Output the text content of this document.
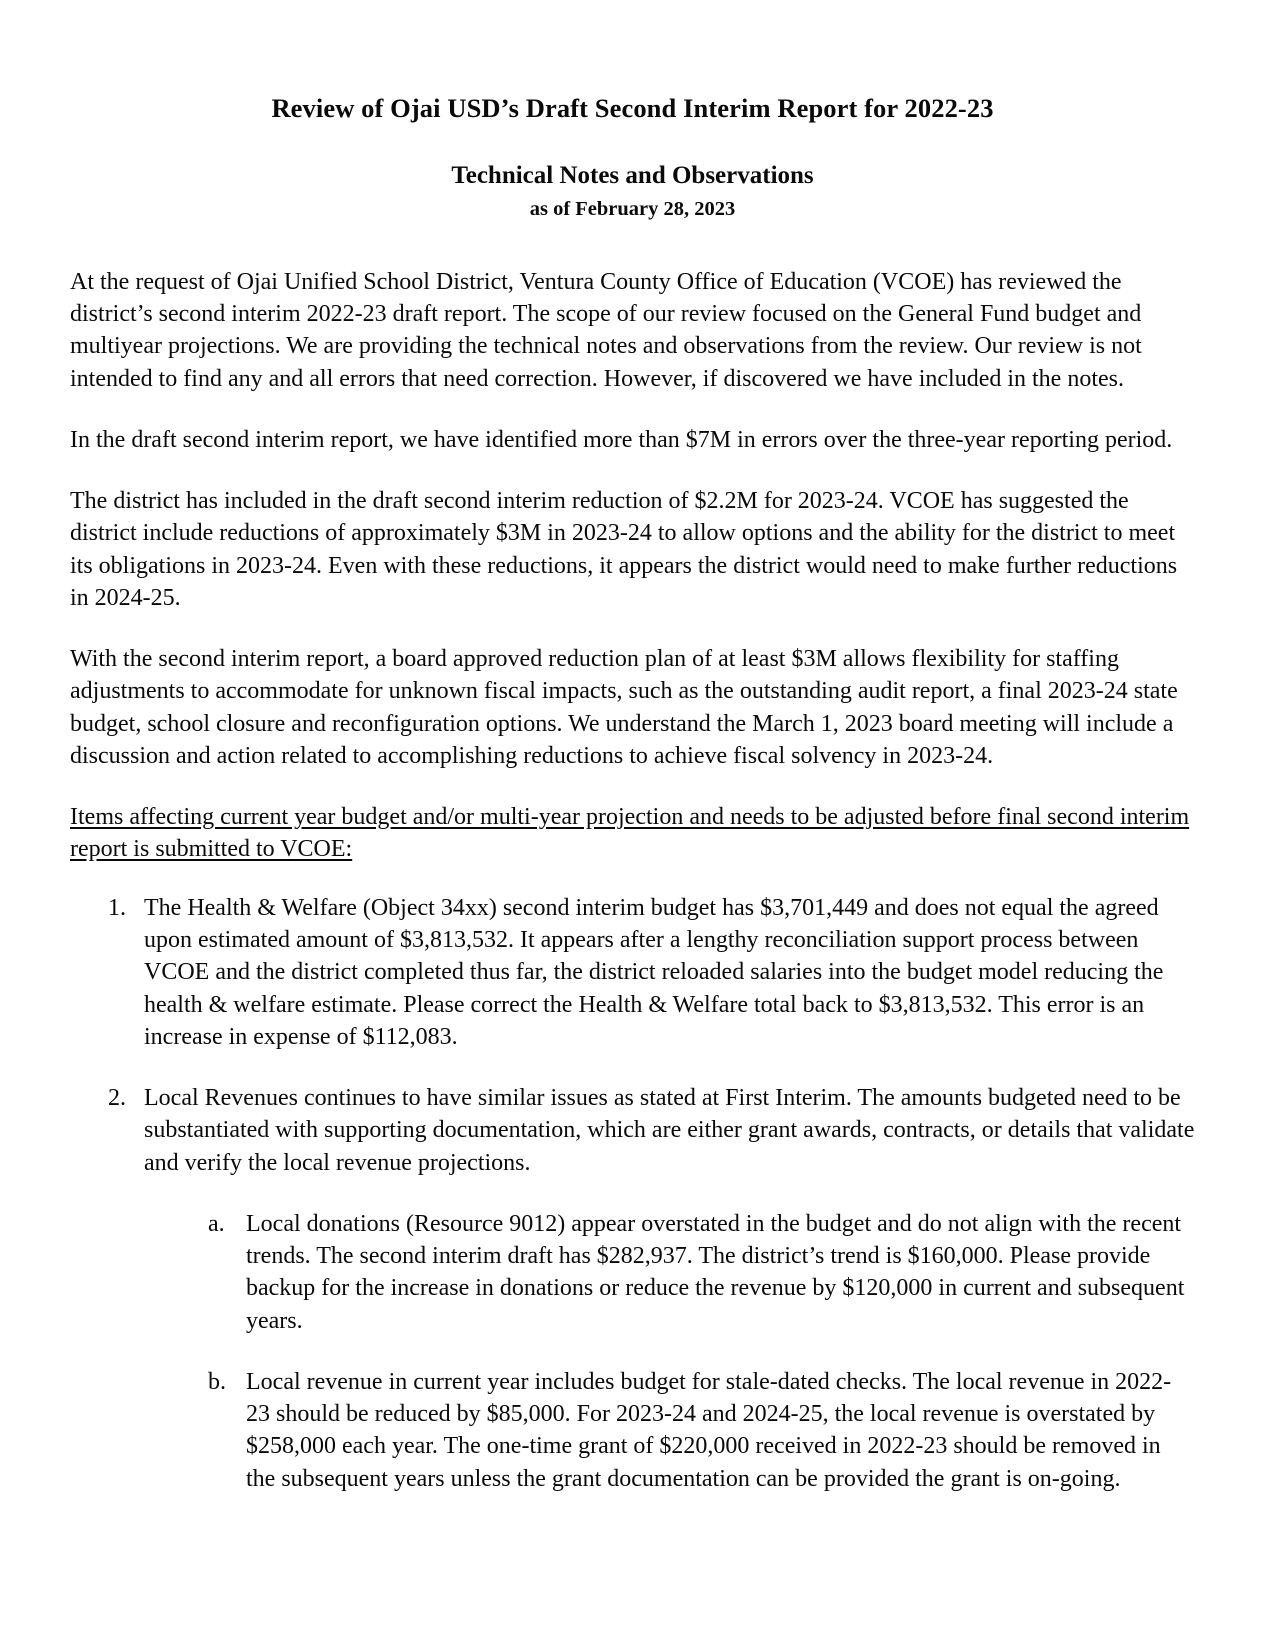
Review of Ojai USD’s Draft Second Interim Report for 2022-23
Technical Notes and Observations
as of February 28, 2023

At the request of Ojai Unified School District, Ventura County Office of Education (VCOE) has reviewed the district’s second interim 2022-23 draft report. The scope of our review focused on the General Fund budget and multiyear projections. We are providing the technical notes and observations from the review. Our review is not intended to find any and all errors that need correction. However, if discovered we have included in the notes.

In the draft second interim report, we have identified more than $7M in errors over the three-year reporting period.

The district has included in the draft second interim reduction of $2.2M for 2023-24. VCOE has suggested the district include reductions of approximately $3M in 2023-24 to allow options and the ability for the district to meet its obligations in 2023-24. Even with these reductions, it appears the district would need to make further reductions in 2024-25.

With the second interim report, a board approved reduction plan of at least $3M allows flexibility for staffing adjustments to accommodate for unknown fiscal impacts, such as the outstanding audit report, a final 2023-24 state budget, school closure and reconfiguration options. We understand the March 1, 2023 board meeting will include a discussion and action related to accomplishing reductions to achieve fiscal solvency in 2023-24.

Items affecting current year budget and/or multi-year projection and needs to be adjusted before final second interim report is submitted to VCOE:

1. The Health & Welfare (Object 34xx) second interim budget has $3,701,449 and does not equal the agreed upon estimated amount of $3,813,532. It appears after a lengthy reconciliation support process between VCOE and the district completed thus far, the district reloaded salaries into the budget model reducing the health & welfare estimate. Please correct the Health & Welfare total back to $3,813,532. This error is an increase in expense of $112,083.
2. Local Revenues continues to have similar issues as stated at First Interim. The amounts budgeted need to be substantiated with supporting documentation, which are either grant awards, contracts, or details that validate and verify the local revenue projections.
a. Local donations (Resource 9012) appear overstated in the budget and do not align with the recent trends. The second interim draft has $282,937. The district’s trend is $160,000. Please provide backup for the increase in donations or reduce the revenue by $120,000 in current and subsequent years.
b. Local revenue in current year includes budget for stale-dated checks. The local revenue in 2022-23 should be reduced by $85,000. For 2023-24 and 2024-25, the local revenue is overstated by $258,000 each year. The one-time grant of $220,000 received in 2022-23 should be removed in the subsequent years unless the grant documentation can be provided the grant is on-going.
